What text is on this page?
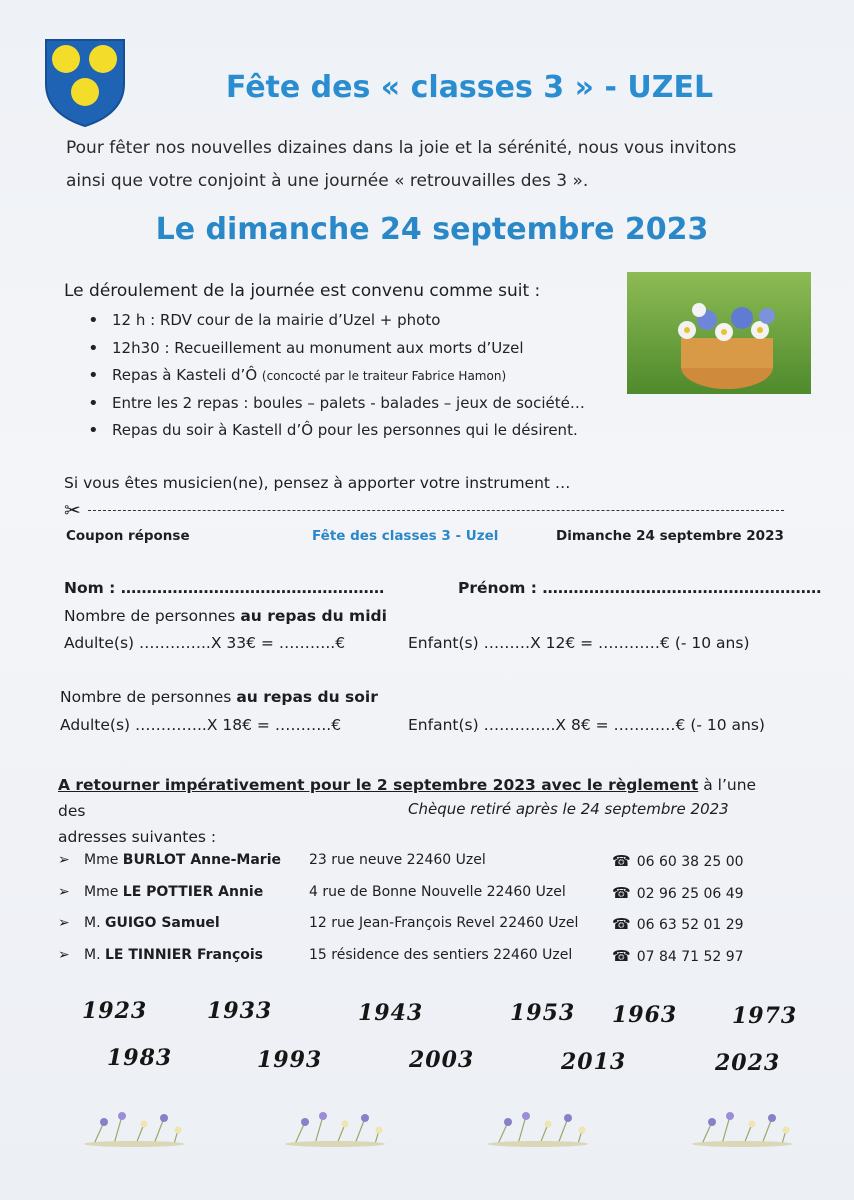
Fête des « classes 3 » - UZEL
Pour fêter nos nouvelles dizaines dans la joie et la sérénité, nous vous invitons
ainsi que votre conjoint à une journée « retrouvailles des 3 ».
Le dimanche 24 septembre 2023
Le déroulement de la journée est convenu comme suit :
• 12 h : RDV cour de la mairie d’Uzel + photo
• 12h30 : Recueillement au monument aux morts d’Uzel
• Repas à Kasteli d’Ô (concocté par le traiteur Fabrice Hamon)
• Entre les 2 repas : boules – palets - balades – jeux de société…
• Repas du soir à Kastell d’Ô pour les personnes qui le désirent.
Si vous êtes musicien(ne), pensez à apporter votre instrument …
✂
Coupon réponse	Fête des classes 3 - Uzel	Dimanche 24 septembre 2023
Nom : ……………………………………………	Prénom : ………………………………………………
Nombre de personnes au repas du midi
Adulte(s) …………..X 33€ = ………..€	Enfant(s) ………X 12€ = …………€ (- 10 ans)
Nombre de personnes au repas du soir
Adulte(s) …………..X 18€ = ………..€	Enfant(s) …………..X 8€ = …………€ (- 10 ans)
A retourner impérativement pour le 2 septembre 2023 avec le règlement à l’une des
adresses suivantes :
Chèque retiré après le 24 septembre 2023
➢ Mme BURLOT Anne-Marie 23 rue neuve 22460 Uzel	☎ 06 60 38 25 00
➢ Mme LE POTTIER Annie	4 rue de Bonne Nouvelle 22460 Uzel	☎ 02 96 25 06 49
➢ M. GUIGO Samuel	12 rue Jean-François Revel 22460 Uzel ☎ 06 63 52 01 29
➢ M. LE TINNIER François	15 résidence des sentiers 22460 Uzel	☎ 07 84 71 52 97
1923	1933	1943	1953 1963 1973
1983	1993	2003	2013	2023
